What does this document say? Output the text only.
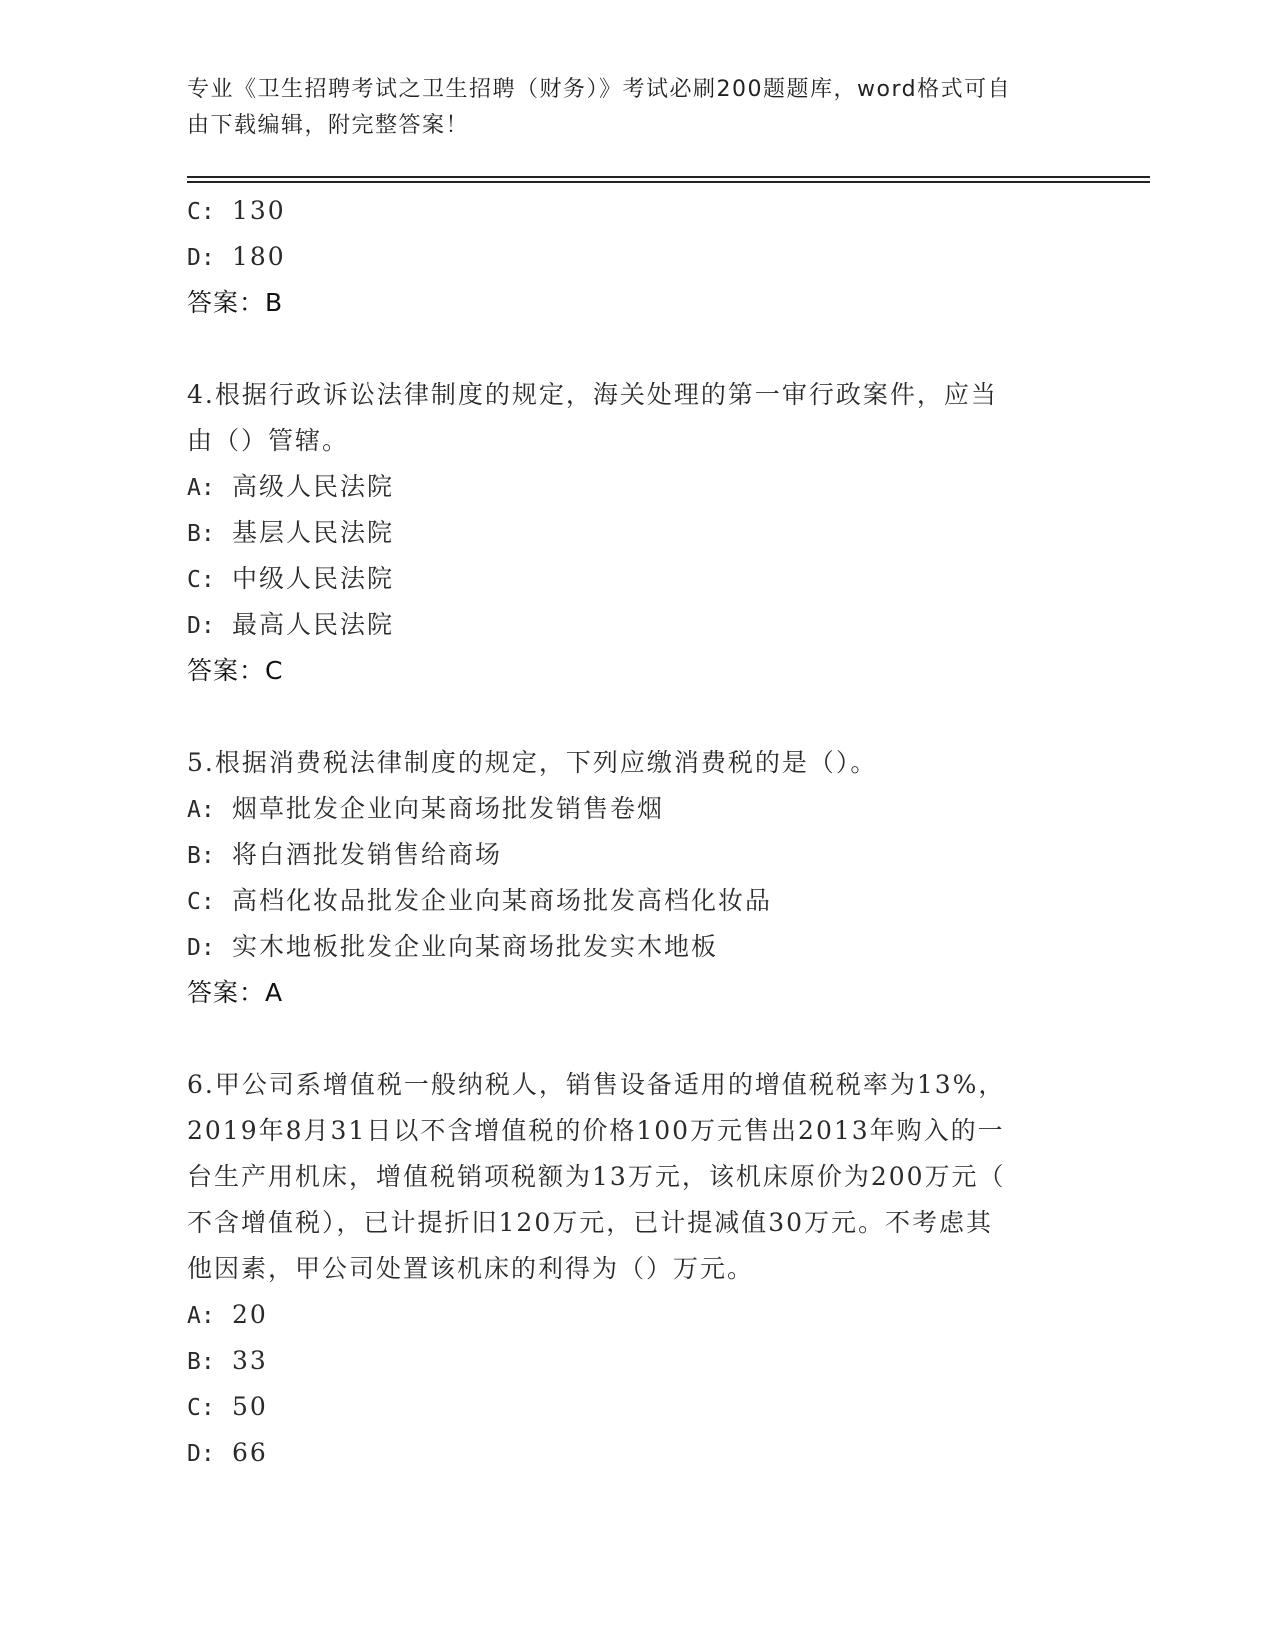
专业《卫生招聘考试之卫生招聘（财务）》考试必刷200题题库，word格式可自
由下载编辑，附完整答案！
C: 130
D: 180
答案：B
4.根据行政诉讼法律制度的规定，海关处理的第一审行政案件，应当
由（）管辖。
A: 高级人民法院
B: 基层人民法院
C: 中级人民法院
D: 最高人民法院
答案：C
5.根据消费税法律制度的规定，下列应缴消费税的是（）。
A: 烟草批发企业向某商场批发销售卷烟
B: 将白酒批发销售给商场
C: 高档化妆品批发企业向某商场批发高档化妆品
D: 实木地板批发企业向某商场批发实木地板
答案：A
6.甲公司系增值税一般纳税人，销售设备适用的增值税税率为13%，
2019年8月31日以不含增值税的价格100万元售出2013年购入的一
台生产用机床，增值税销项税额为13万元，该机床原价为200万元（
不含增值税），已计提折旧120万元，已计提减值30万元。不考虑其
他因素，甲公司处置该机床的利得为（）万元。
A: 20
B: 33
C: 50
D: 66
